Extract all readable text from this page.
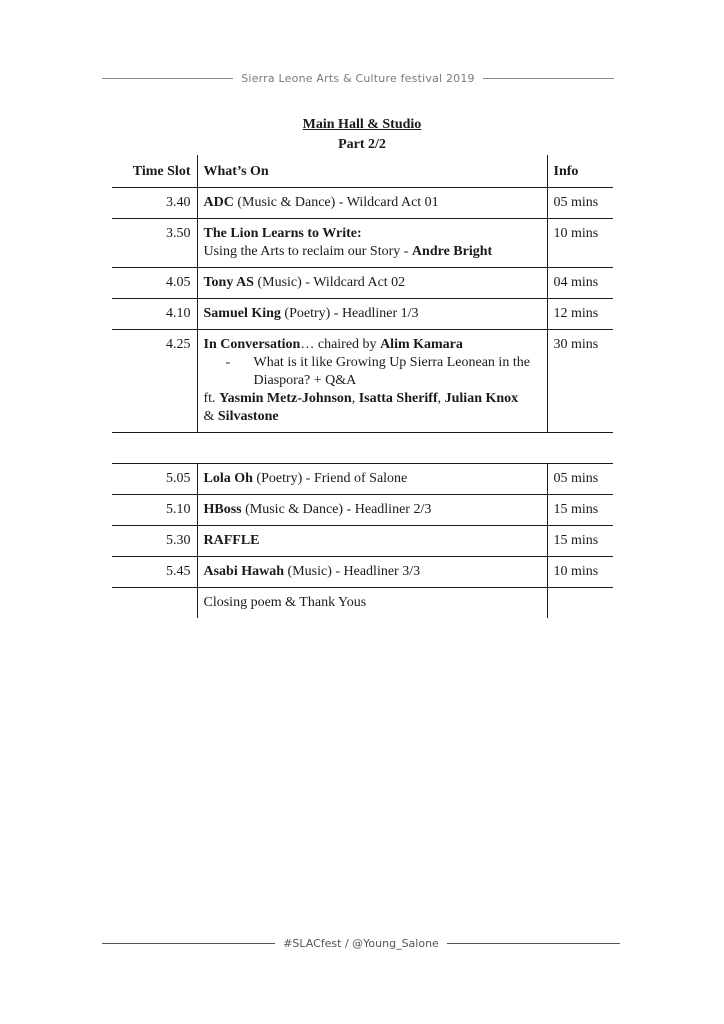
Sierra Leone Arts & Culture festival 2019
Main Hall & Studio
Part 2/2
Time Slot	What’s On	Info
3.40	ADC (Music & Dance) - Wildcard Act 01	05 mins
3.50	The Lion Learns to Write:
Using the Arts to reclaim our Story - Andre Bright	10 mins
4.05	Tony AS (Music) - Wildcard Act 02	04 mins
4.10	Samuel King (Poetry) - Headliner 1/3	12 mins
4.25	In Conversation… chaired by Alim Kamara
- What is it like Growing Up Sierra Leonean in the Diaspora? + Q&A
ft. Yasmin Metz-Johnson, Isatta Sheriff, Julian Knox
& Silvastone	30 mins

5.05	Lola Oh (Poetry) - Friend of Salone	05 mins
5.10	HBoss (Music & Dance) - Headliner 2/3	15 mins
5.30	RAFFLE	15 mins
5.45	Asabi Hawah (Music) - Headliner 3/3	10 mins
	Closing poem & Thank Yous	
#SLACfest / @Young_Salone
